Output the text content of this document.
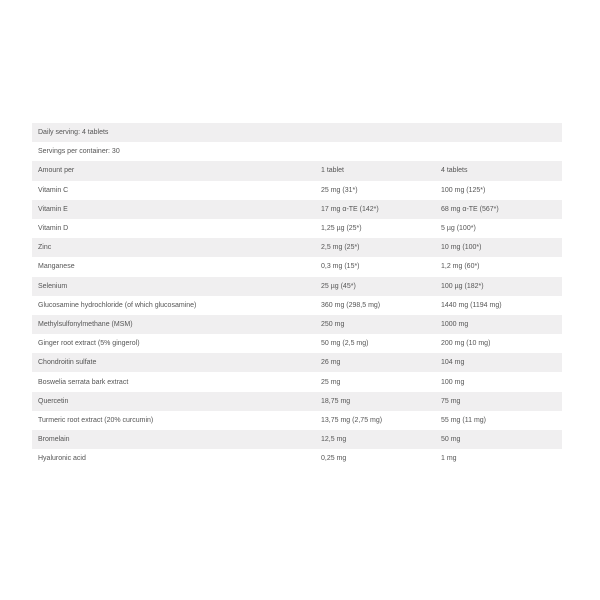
Daily serving: 4 tablets		
Servings per container: 30		
Amount per	1 tablet	4 tablets
Vitamin C	25 mg (31*)	100 mg (125*)
Vitamin E	17 mg α-TE (142*)	68 mg α-TE (567*)
Vitamin D	1,25 µg (25*)	5 µg (100*)
Zinc	2,5 mg (25*)	10 mg (100*)
Manganese	0,3 mg (15*)	1,2 mg (60*)
Selenium	25 µg (45*)	100 µg (182*)
Glucosamine hydrochloride (of which glucosamine)	360 mg (298,5 mg)	1440 mg (1194 mg)
Methylsulfonylmethane (MSM)	250 mg	1000 mg
Ginger root extract (5% gingerol)	50 mg (2,5 mg)	200 mg (10 mg)
Chondroitin sulfate	26 mg	104 mg
Boswelia serrata bark extract	25 mg	100 mg
Quercetin	18,75 mg	75 mg
Turmeric root extract (20% curcumin)	13,75 mg (2,75 mg)	55 mg (11 mg)
Bromelain	12,5 mg	50 mg
Hyaluronic acid	0,25 mg	1 mg
